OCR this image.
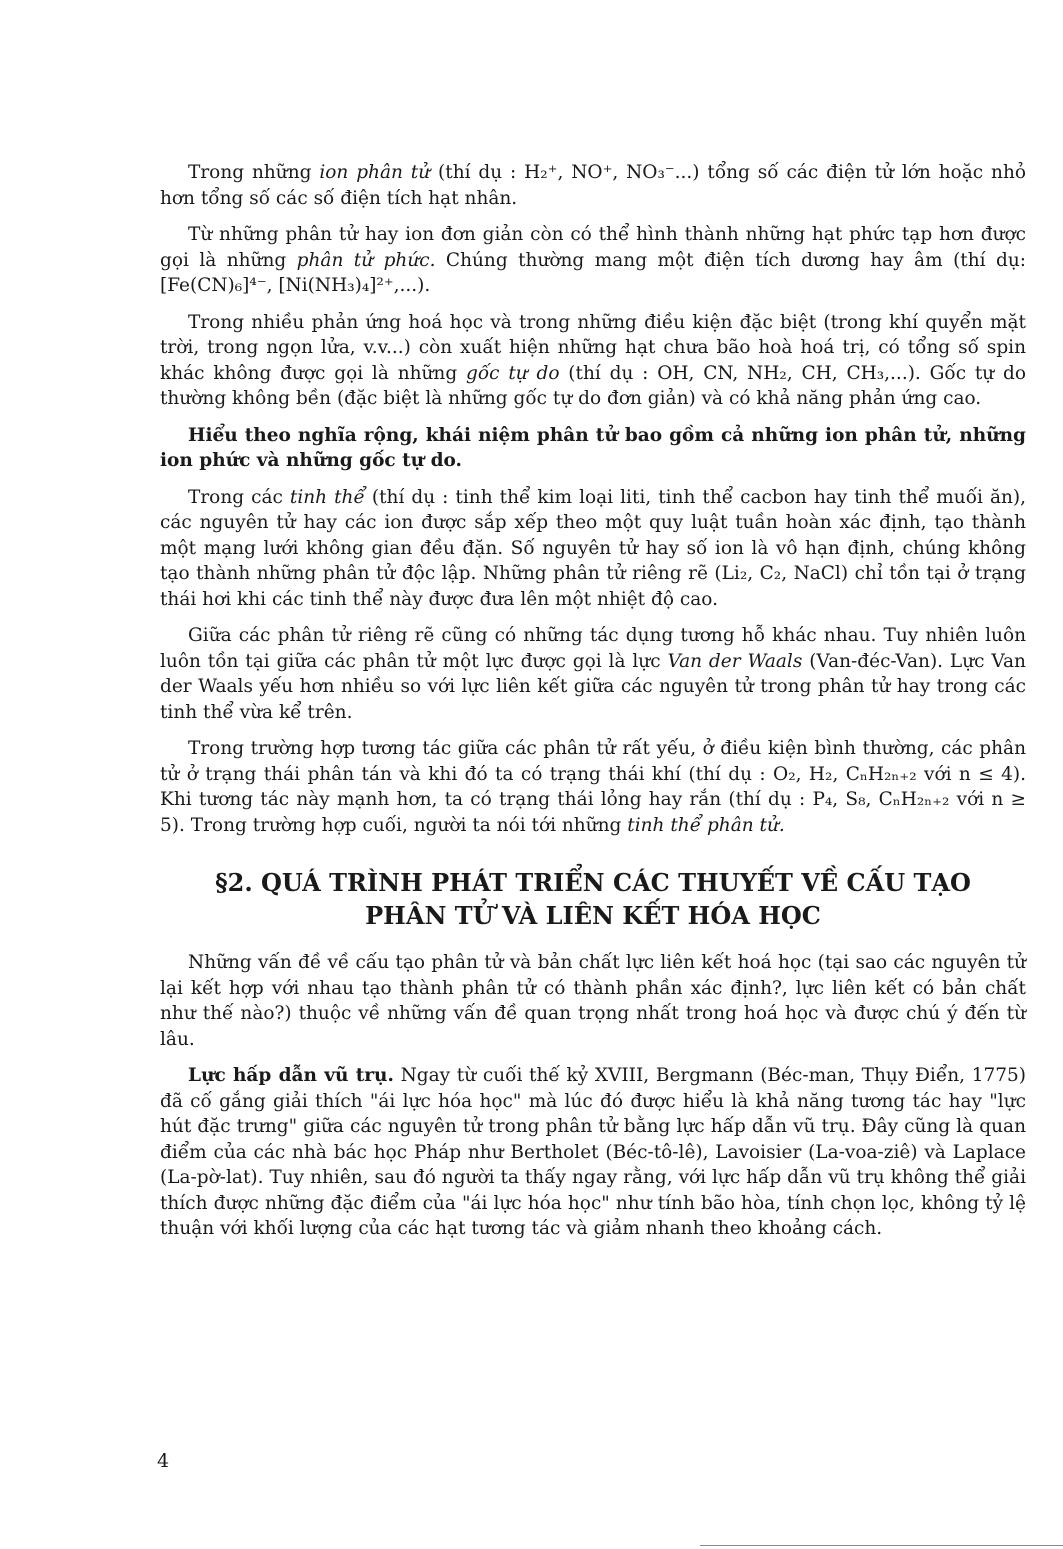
Trong những ion phân tử (thí dụ : H₂⁺, NO⁺, NO₃⁻...) tổng số các điện tử lớn hoặc nhỏ hơn tổng số các số điện tích hạt nhân.

Từ những phân tử hay ion đơn giản còn có thể hình thành những hạt phức tạp hơn được gọi là những phân tử phức. Chúng thường mang một điện tích dương hay âm (thí dụ: [Fe(CN)₆]⁴⁻, [Ni(NH₃)₄]²⁺,...).

Trong nhiều phản ứng hoá học và trong những điều kiện đặc biệt (trong khí quyển mặt trời, trong ngọn lửa, v.v...) còn xuất hiện những hạt chưa bão hoà hoá trị, có tổng số spin khác không được gọi là những gốc tự do (thí dụ : OH, CN, NH₂, CH, CH₃,...). Gốc tự do thường không bền (đặc biệt là những gốc tự do đơn giản) và có khả năng phản ứng cao.

Hiểu theo nghĩa rộng, khái niệm phân tử bao gồm cả những ion phân tử, những ion phức và những gốc tự do.

Trong các tinh thể (thí dụ : tinh thể kim loại liti, tinh thể cacbon hay tinh thể muối ăn), các nguyên tử hay các ion được sắp xếp theo một quy luật tuần hoàn xác định, tạo thành một mạng lưới không gian đều đặn. Số nguyên tử hay số ion là vô hạn định, chúng không tạo thành những phân tử độc lập. Những phân tử riêng rẽ (Li₂, C₂, NaCl) chỉ tồn tại ở trạng thái hơi khi các tinh thể này được đưa lên một nhiệt độ cao.

Giữa các phân tử riêng rẽ cũng có những tác dụng tương hỗ khác nhau. Tuy nhiên luôn luôn tồn tại giữa các phân tử một lực được gọi là lực Van der Waals (Van-đéc-Van). Lực Van der Waals yếu hơn nhiều so với lực liên kết giữa các nguyên tử trong phân tử hay trong các tinh thể vừa kể trên.

Trong trường hợp tương tác giữa các phân tử rất yếu, ở điều kiện bình thường, các phân tử ở trạng thái phân tán và khi đó ta có trạng thái khí (thí dụ : O₂, H₂, CₙH₂ₙ₊₂ với n ≤ 4). Khi tương tác này mạnh hơn, ta có trạng thái lỏng hay rắn (thí dụ : P₄, S₈, CₙH₂ₙ₊₂ với n ≥ 5). Trong trường hợp cuối, người ta nói tới những tinh thể phân tử.

§2. QUÁ TRÌNH PHÁT TRIỂN CÁC THUYẾT VỀ CẤU TẠO PHÂN TỬ VÀ LIÊN KẾT HÓA HỌC

Những vấn đề về cấu tạo phân tử và bản chất lực liên kết hoá học (tại sao các nguyên tử lại kết hợp với nhau tạo thành phân tử có thành phần xác định?, lực liên kết có bản chất như thế nào?) thuộc về những vấn đề quan trọng nhất trong hoá học và được chú ý đến từ lâu.

Lực hấp dẫn vũ trụ. Ngay từ cuối thế kỷ XVIII, Bergmann (Béc-man, Thụy Điển, 1775) đã cố gắng giải thích "ái lực hóa học" mà lúc đó được hiểu là khả năng tương tác hay "lực hút đặc trưng" giữa các nguyên tử trong phân tử bằng lực hấp dẫn vũ trụ. Đây cũng là quan điểm của các nhà bác học Pháp như Bertholet (Béc-tô-lê), Lavoisier (La-voa-ziê) và Laplace (La-pờ-lat). Tuy nhiên, sau đó người ta thấy ngay rằng, với lực hấp dẫn vũ trụ không thể giải thích được những đặc điểm của "ái lực hóa học" như tính bão hòa, tính chọn lọc, không tỷ lệ thuận với khối lượng của các hạt tương tác và giảm nhanh theo khoảng cách.

4
